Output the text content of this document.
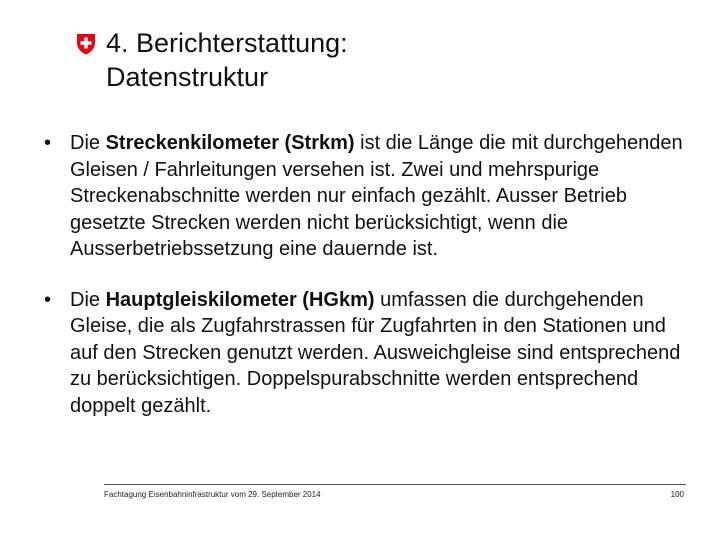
4. Berichterstattung:
Datenstruktur
• Die Streckenkilometer (Strkm) ist die Länge die mit durchgehenden Gleisen / Fahrleitungen versehen ist. Zwei und mehrspurige Streckenabschnitte werden nur einfach gezählt. Ausser Betrieb gesetzte Strecken werden nicht berücksichtigt, wenn die Ausserbetriebssetzung eine dauernde ist.
• Die Hauptgleiskilometer (HGkm) umfassen die durchgehenden Gleise, die als Zugfahrstrassen für Zugfahrten in den Stationen und auf den Strecken genutzt werden. Ausweichgleise sind entsprechend zu berücksichtigen. Doppelspurabschnitte werden entsprechend doppelt gezählt.
Fachtagung Eisenbahninfrastruktur vom 29. September 2014	100
